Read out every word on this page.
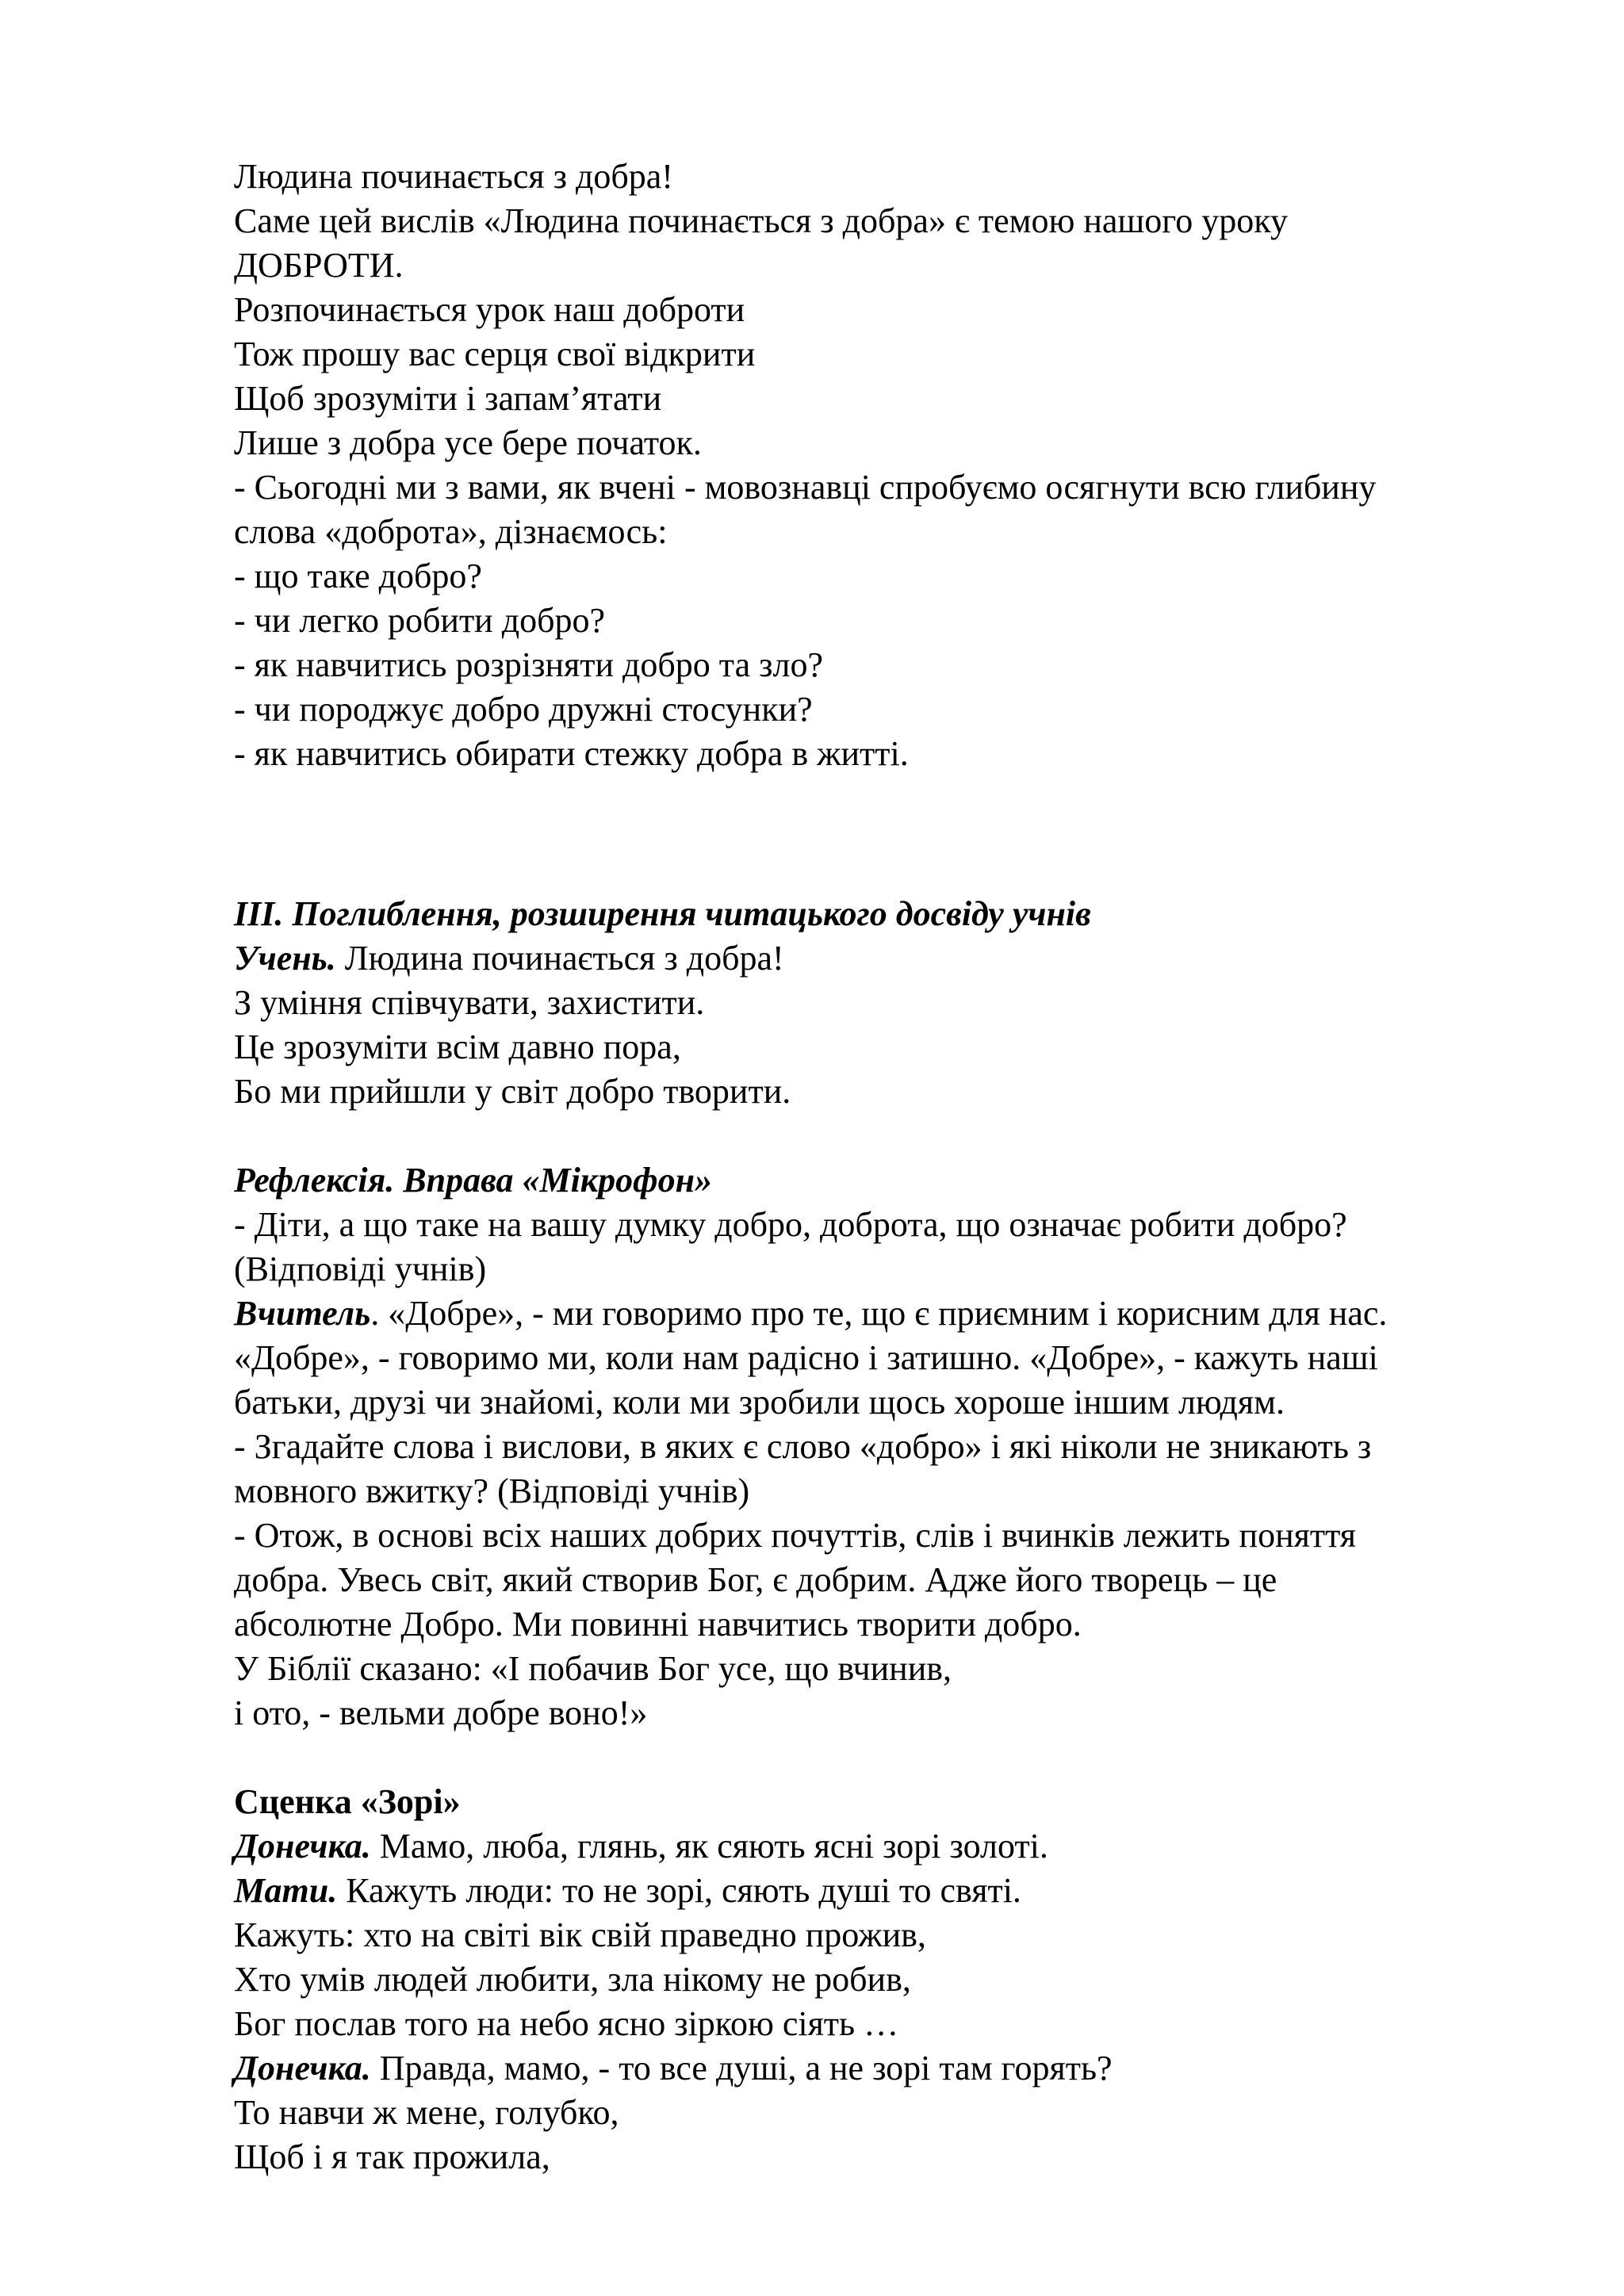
Людина починається з добра!
Саме цей вислів «Людина починається з добра» є темою нашого уроку
ДОБРОТИ.
Розпочинається урок наш доброти
Тож прошу вас серця свої відкрити
Щоб зрозуміти і запам’ятати
Лише з добра усе бере початок.
- Сьогодні ми з вами, як вчені - мовознавці спробуємо осягнути всю глибину
слова «доброта», дізнаємось:
- що таке добро?
- чи легко робити добро?
- як навчитись розрізняти добро та зло?
- чи породжує добро дружні стосунки?
- як навчитись обирати стежку добра в житті.
ІІІ. Поглиблення, розширення читацького досвіду учнів
Учень. Людина починається з добра!
З уміння співчувати, захистити.
Це зрозуміти всім давно пора,
Бо ми прийшли у світ добро творити.
Рефлексія. Вправа «Мікрофон»
- Діти, а що таке на вашу думку добро, доброта, що означає робити добро?
(Відповіді учнів)
Вчитель. «Добре», - ми говоримо про те, що є приємним і корисним для нас.
«Добре», - говоримо ми, коли нам радісно і затишно. «Добре», - кажуть наші
батьки, друзі чи знайомі, коли ми зробили щось хороше іншим людям.
- Згадайте слова і вислови, в яких є слово «добро» і які ніколи не зникають з
мовного вжитку? (Відповіді учнів)
- Отож, в основі всіх наших добрих почуттів, слів і вчинків лежить поняття
добра. Увесь світ, який створив Бог, є добрим. Адже його творець – це
абсолютне Добро. Ми повинні навчитись творити добро.
У Біблії сказано: «І побачив Бог усе, що вчинив,
і ото, - вельми добре воно!»
Сценка «Зорі»
Донечка. Мамо, люба, глянь, як сяють ясні зорі золоті.
Мати. Кажуть люди: то не зорі, сяють душі то святі.
Кажуть: хто на світі вік свій праведно прожив,
Хто умів людей любити, зла нікому не робив,
Бог послав того на небо ясно зіркою сіять …
Донечка. Правда, мамо, - то все душі, а не зорі там горять?
То навчи ж мене, голубко,
Щоб і я так прожила,
